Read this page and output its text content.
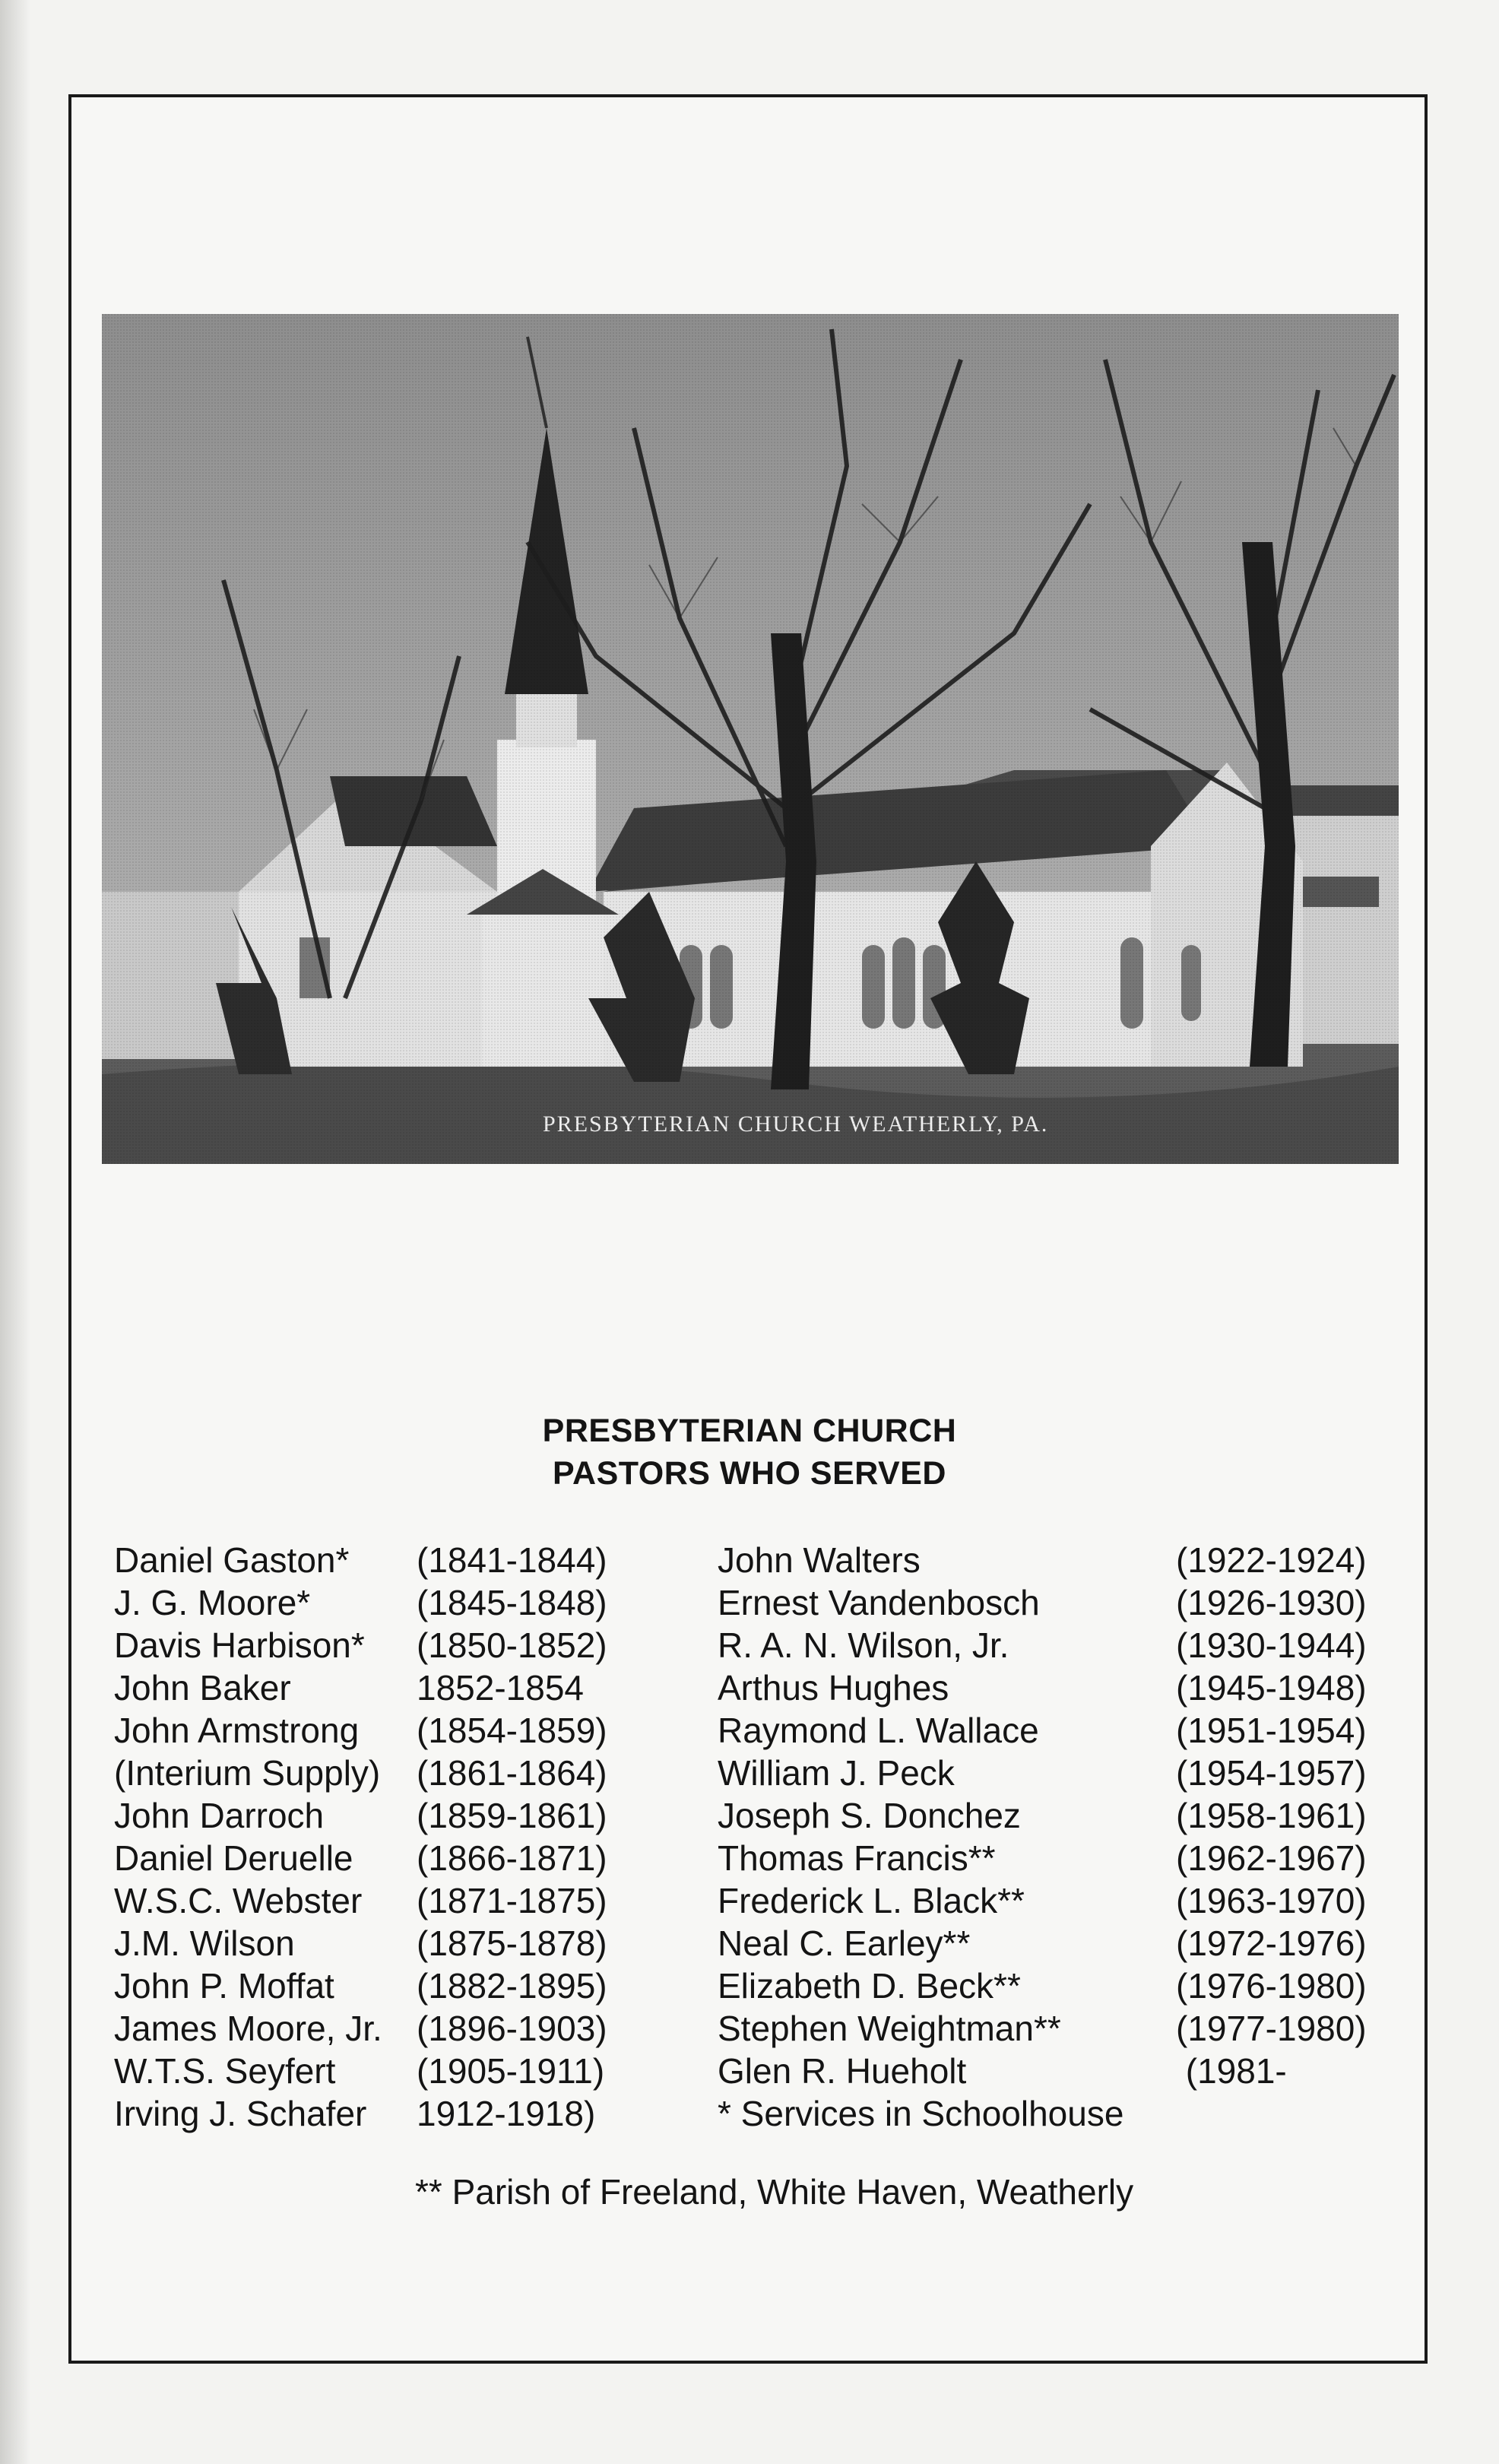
PRESBYTERIAN CHURCH
PASTORS WHO SERVED
Daniel Gaston*
J. G. Moore*
Davis Harbison*
John Baker
John Armstrong
(Interium Supply)
John Darroch
Daniel Deruelle
W.S.C. Webster
J.M. Wilson
John P. Moffat
James Moore, Jr.
W.T.S. Seyfert
Irving J. Schafer
(1841-1844)
(1845-1848)
(1850-1852)
1852-1854
(1854-1859)
(1861-1864)
(1859-1861)
(1866-1871)
(1871-1875)
(1875-1878)
(1882-1895)
(1896-1903)
(1905-1911)
1912-1918)
John Walters
Ernest Vandenbosch
R. A. N. Wilson, Jr.
Arthus Hughes
Raymond L. Wallace
William J. Peck
Joseph S. Donchez
Thomas Francis**
Frederick L. Black**
Neal C. Earley**
Elizabeth D. Beck**
Stephen Weightman**
Glen R. Hueholt
* Services in Schoolhouse
(1922-1924)
(1926-1930)
(1930-1944)
(1945-1948)
(1951-1954)
(1954-1957)
(1958-1961)
(1962-1967)
(1963-1970)
(1972-1976)
(1976-1980)
(1977-1980)
(1981-
** Parish of Freeland, White Haven, Weatherly
